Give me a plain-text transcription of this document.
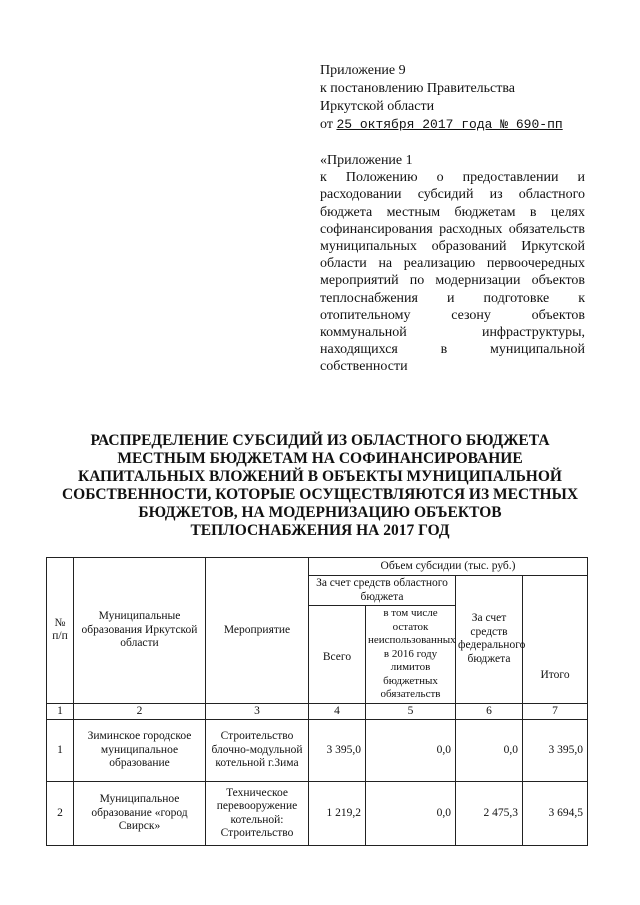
Приложение 9
к постановлению Правительства
Иркутской области
от 25 октября 2017 года № 690-пп

«Приложение 1

к Положению о предоставлении и расходовании субсидий из областного бюджета местным бюджетам в целях софинансирования расходных обязательств муниципальных образований Иркутской области на реализацию первоочередных мероприятий по модернизации объектов теплоснабжения и подготовке к отопительному сезону объектов коммунальной инфраструктуры, находящихся в муниципальной собственности

РАСПРЕДЕЛЕНИЕ СУБСИДИЙ ИЗ ОБЛАСТНОГО БЮДЖЕТА МЕСТНЫМ БЮДЖЕТАМ НА СОФИНАНСИРОВАНИЕ КАПИТАЛЬНЫХ ВЛОЖЕНИЙ В ОБЪЕКТЫ МУНИЦИПАЛЬНОЙ СОБСТВЕННОСТИ, КОТОРЫЕ ОСУЩЕСТВЛЯЮТСЯ ИЗ МЕСТНЫХ БЮДЖЕТОВ, НА МОДЕРНИЗАЦИЮ ОБЪЕКТОВ ТЕПЛОСНАБЖЕНИЯ НА 2017 ГОД
№ п/п	Муниципальные образования Иркутской области	Мероприятие	Объем субсидии (тыс. руб.)			
			За счет средств областного бюджета		За счет средств федерального бюджета	Итого
			Всего	в том числе остаток неиспользованных в 2016 году лимитов бюджетных обязательств		
1	2	3	4	5	6	7
1	Зиминское городское муниципальное образование	Строительство блочно-модульной котельной г.Зима	3 395,0	0,0	0,0	3 395,0
2	Муниципальное образование «город Свирск»	Техническое перевооружение котельной: Строительство	1 219,2	0,0	2 475,3	3 694,5
